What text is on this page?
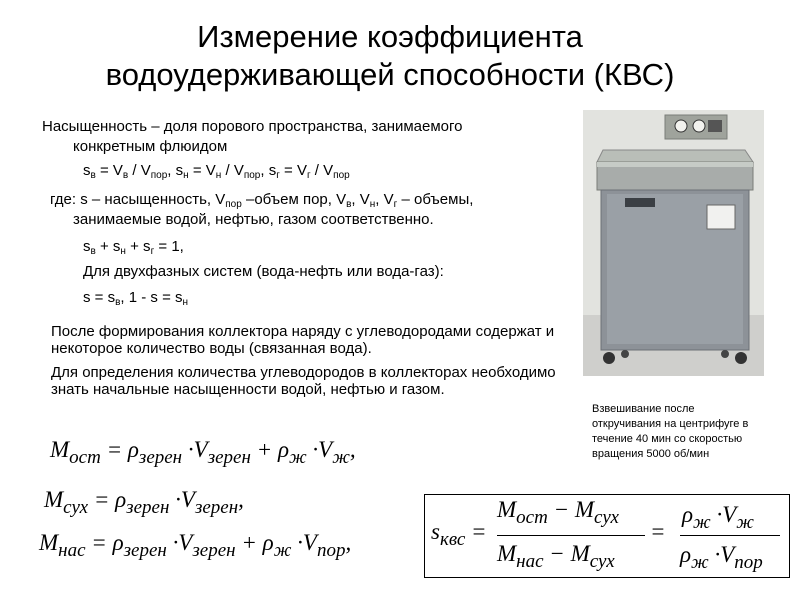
Измерение коэффициента
водоудерживающей способности (КВС)
Насыщенность – доля порового пространства, занимаемого
конкретным флюидом
$s_в = V_в / V_{пор}$, $s_н = V_н / V_{пор}$, $s_г = V_г / V_{пор}$
где: s – насыщенность, $V_{пор}$ –объем пор, $V_в$, $V_н$, $V_г$ – объемы,
занимаемые водой, нефтью, газом соответственно.
$s_в + s_н + s_г = 1$,
Для двухфазных систем (вода-нефть или вода-газ):
$s = s_в$, $1 - s = s_н$
После формирования коллектора наряду с углеводородами содержат и некоторое количество воды (связанная вода).
Для определения количества углеводородов в коллекторах необходимо знать начальные насыщенности водой, нефтью и газом.
Взвешивание после откручивания на центрифуге в течение 40 мин со скоростью вращения 5000 об/мин
$M_{ост} = \rho_{зерен} \cdot V_{зерен} + \rho_ж \cdot V_ж$,
$M_{сух} = \rho_{зерен} \cdot V_{зерен}$,
$M_{нас} = \rho_{зерен} \cdot V_{зерен} + \rho_ж \cdot V_{пор}$,	$s_{квс}$ =
$M_{ост} - M_{сух}$
$M_{нас} - M_{сух}$
=
$\rho_ж \cdot V_ж$
$\rho_ж \cdot V_{пор}$
